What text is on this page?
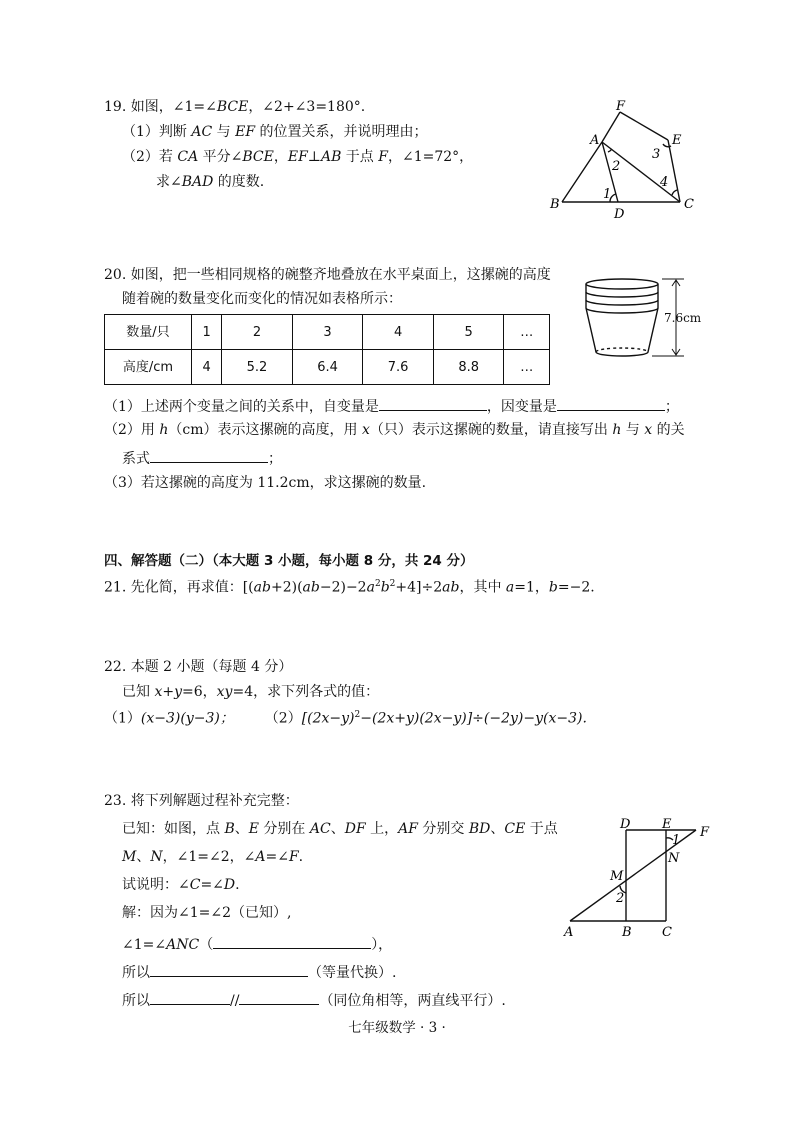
19. 如图，∠1=∠BCE，∠2+∠3=180°.
（1）判断 AC 与 EF 的位置关系，并说明理由；
（2）若 CA 平分∠BCE，EF⊥AB 于点 F，∠1=72°，
求∠BAD 的度数.
F
A	E
3
2
4
1
B
D
C
20. 如图，把一些相同规格的碗整齐地叠放在水平桌面上，这摞碗的高度
随着碗的数量变化而变化的情况如表格所示：
数量/只	1	2	3	4	5	…
高度/cm	4	5.2	6.4	7.6	8.8	…
7.6cm
（1）上述两个变量之间的关系中，自变量是	，因变量是	；
（2）用 h（cm）表示这摞碗的高度，用 x（只）表示这摞碗的数量，请直接写出 h 与 x 的关
系式	；
（3）若这摞碗的高度为 11.2cm，求这摞碗的数量.
四、解答题（二）（本大题 3 小题，每小题 8 分，共 24 分）
21. 先化简，再求值：$[(ab+2)(ab-2)-2a^2b^2+4]\div 2ab$，其中 a=1，b=−2.
22. 本题 2 小题（每题 4 分）
已知 x+y=6，xy=4，求下列各式的值：
（1）(x−3)(y−3)； $(2)[(2x-y)^2-(2x+y)(2x-y)]\div(-2y)-y(x-3)$.
23. 将下列解题过程补充完整：
已知：如图，点 B、E 分别在 AC、DF 上，AF 分别交 BD、CE 于点
M、N，∠1=∠2，∠A=∠F.
试说明：∠C=∠D.
解：因为∠1=∠2（已知）,
∠1=∠ANC（	），
所以	（等量代换）.
所以	//	（同位角相等，两直线平行）.
D E
F
1
N
M
2
A	B C
七年级数学 · 3 ·
